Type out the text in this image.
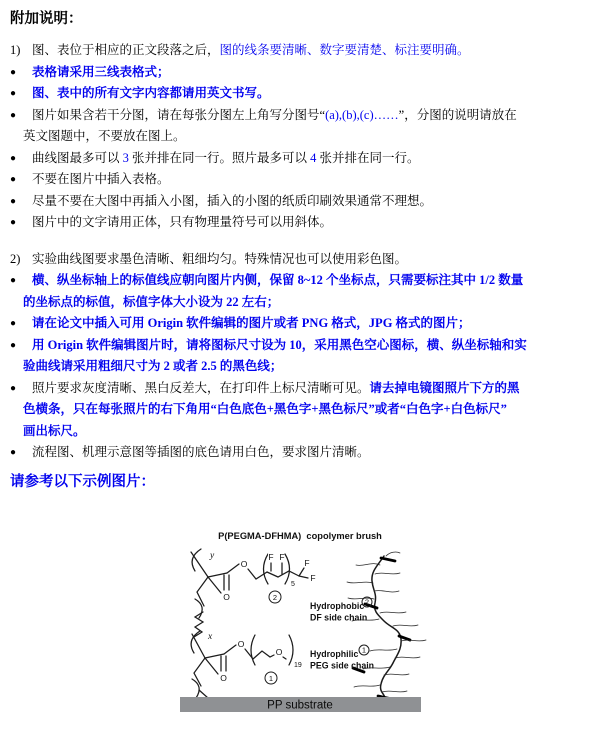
附加说明：

1) 图、表位于相应的正文段落之后，图的线条要清晰、数字要清楚、标注要明确。

● 表格请采用三线表格式；

● 图、表中的所有文字内容都请用英文书写。

● 图片如果含若干分图，请在每张分图左上角写分图号“(a),(b),(c)……”，分图的说明请放在
英文图题中，不要放在图上。

● 曲线图最多可以 3 张并排在同一行。照片最多可以 4 张并排在同一行。

● 不要在图片中插入表格。

● 尽量不要在大图中再插入小图，插入的小图的纸质印刷效果通常不理想。

● 图片中的文字请用正体，只有物理量符号可以用斜体。

2) 实验曲线图要求墨色清晰、粗细均匀。特殊情况也可以使用彩色图。

● 横、纵坐标轴上的标值线应朝向图片内侧，保留 8~12 个坐标点，只需要标注其中 1/2 数量
的坐标点的标值，标值字体大小设为 22 左右；

● 请在论文中插入可用 Origin 软件编辑的图片或者 PNG 格式，JPG 格式的图片；

● 用 Origin 软件编辑图片时，请将图标尺寸设为 10，采用黑色空心图标，横、纵坐标轴和实
验曲线请采用粗细尺寸为 2 或者 2.5 的黑色线；

● 照片要求灰度清晰、黑白反差大，在打印件上标尺清晰可见。请去掉电镜图照片下方的黑
色横条，只在每张照片的右下角用“白色底色+黑色字+黑色标尺”或者“白色字+白色标尺”
画出标尺。

● 流程图、机理示意图等插图的底色请用白色，要求图片清晰。

请参考以下示例图片：
P(PEGMA-DFHMA)  copolymer brush
y
O
O
F F
5
F
F
2
x
O
O
O
19
1
Hydrophobic 2
DF side chain
Hydrophilic 1
PEG side chain
PP substrate
